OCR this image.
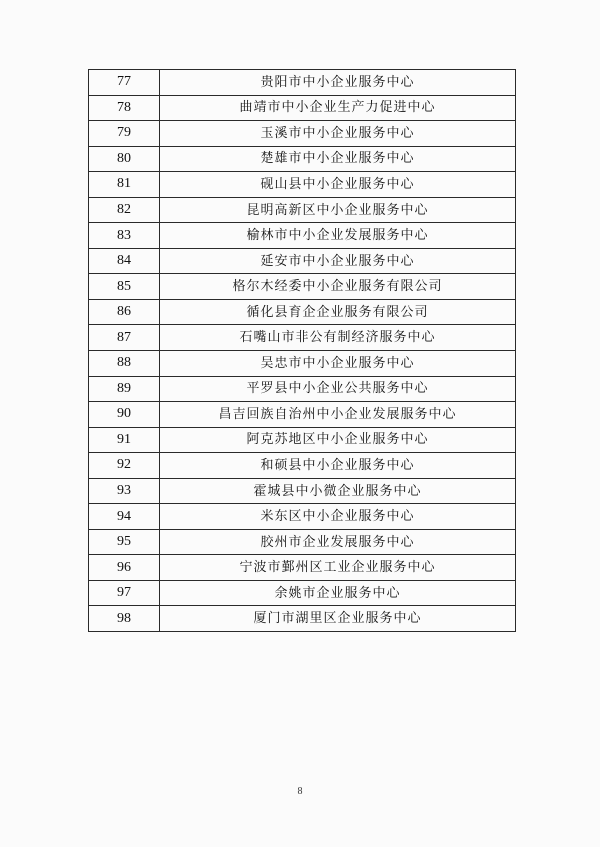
77	贵阳市中小企业服务中心
78	曲靖市中小企业生产力促进中心
79	玉溪市中小企业服务中心
80	楚雄市中小企业服务中心
81	砚山县中小企业服务中心
82	昆明高新区中小企业服务中心
83	榆林市中小企业发展服务中心
84	延安市中小企业服务中心
85	格尔木经委中小企业服务有限公司
86	循化县育企企业服务有限公司
87	石嘴山市非公有制经济服务中心
88	吴忠市中小企业服务中心
89	平罗县中小企业公共服务中心
90	昌吉回族自治州中小企业发展服务中心
91	阿克苏地区中小企业服务中心
92	和硕县中小企业服务中心
93	霍城县中小微企业服务中心
94	米东区中小企业服务中心
95	胶州市企业发展服务中心
96	宁波市鄞州区工业企业服务中心
97	余姚市企业服务中心
98	厦门市湖里区企业服务中心
8
